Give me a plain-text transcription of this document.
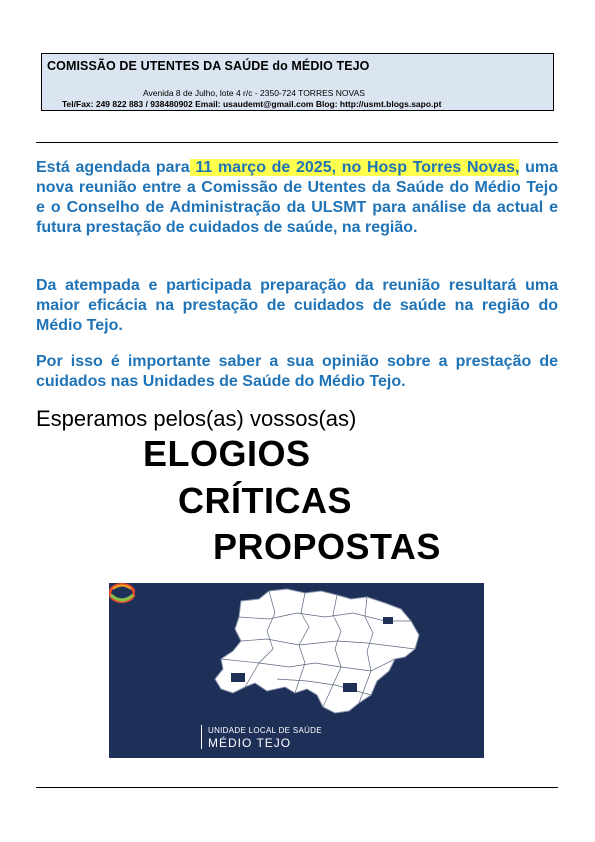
COMISSÃO DE UTENTES DA SAÚDE do MÉDIO TEJO
Avenida 8 de Julho, lote 4 r/c - 2350-724 TORRES NOVAS
Tel/Fax: 249 822 883 / 938480902 Email: usaudemt@gmail.com Blog: http://usmt.blogs.sapo.pt

Está agendada para 11 março de 2025, no Hosp Torres Novas, uma nova reunião entre a Comissão de Utentes da Saúde do Médio Tejo e o Conselho de Administração da ULSMT para análise da actual e futura prestação de cuidados de saúde, na região.

Da atempada e participada preparação da reunião resultará uma maior eficácia na prestação de cuidados de saúde na região do Médio Tejo.

Por isso é importante saber a sua opinião sobre a prestação de cuidados nas Unidades de Saúde do Médio Tejo.

Esperamos pelos(as) vossos(as)
ELOGIOS
CRÍTICAS
PROPOSTAS
UNIDADE LOCAL DE SAÚDE
MÉDIO TEJO
